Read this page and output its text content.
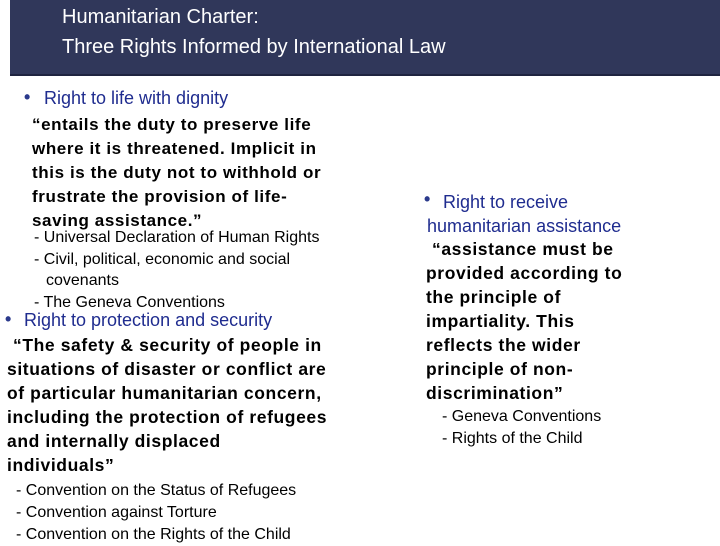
Humanitarian Charter:
Three Rights Informed by International Law
• Right to life with dignity
“entails the duty to preserve life
where it is threatened. Implicit in
this is the duty not to withhold or
frustrate the provision of life-
saving assistance.”
- Universal Declaration of Human Rights
- Civil, political, economic and social
covenants
- The Geneva Conventions
• Right to protection and security
“The safety & security of people in
situations of disaster or conflict are
of particular humanitarian concern,
including the protection of refugees
and internally displaced
individuals”
- Convention on the Status of Refugees
- Convention against Torture
- Convention on the Rights of the Child
• Right to receive
humanitarian assistance
“assistance must be
provided according to
the principle of
impartiality. This
reflects the wider
principle of non-
discrimination”
- Geneva Conventions
- Rights of the Child
